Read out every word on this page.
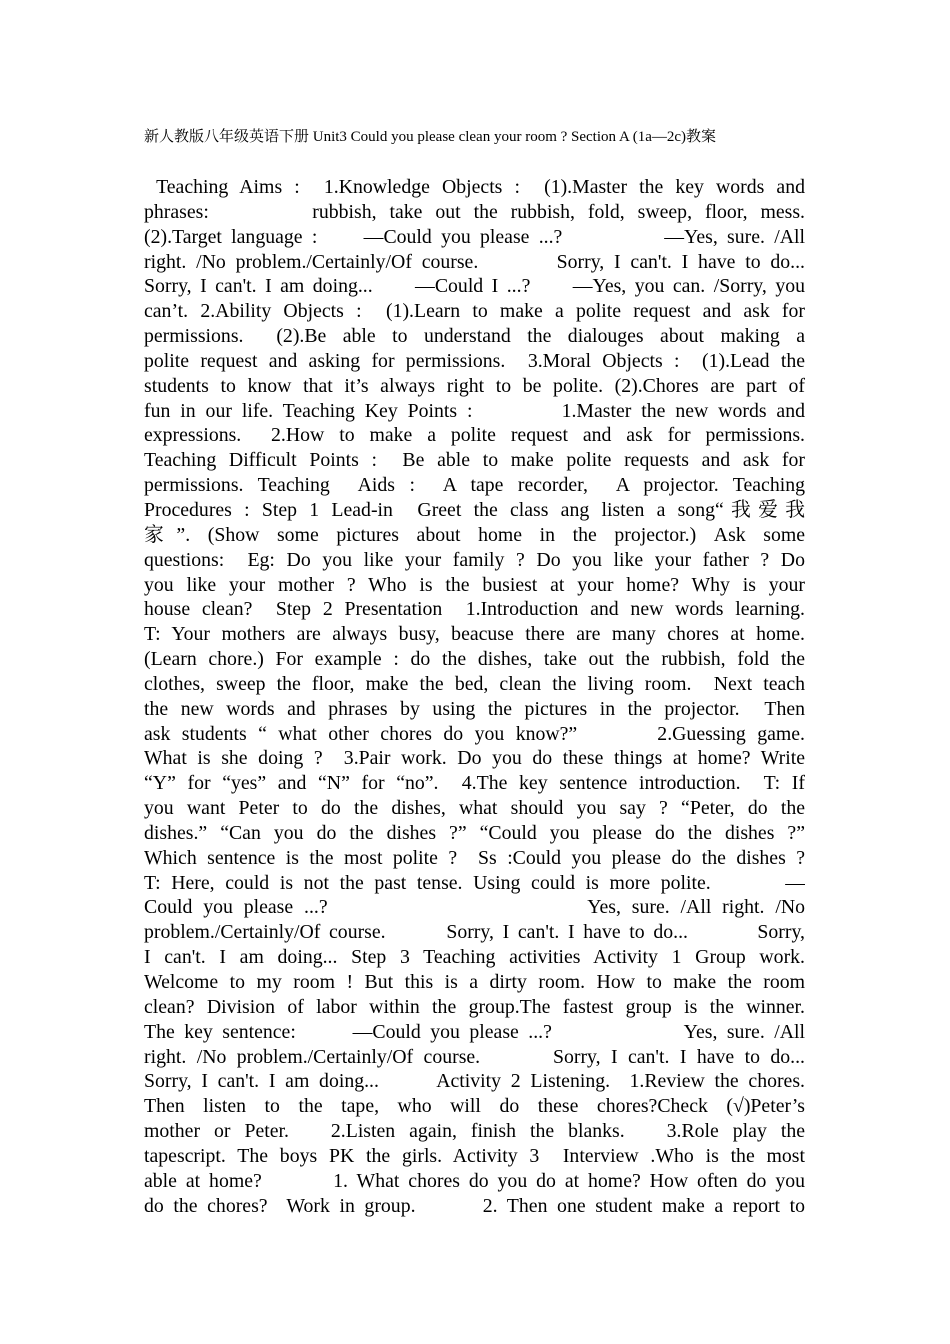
新人教版八年级英语下册 Unit3 Could you please clean your room ? Section A (1a—2c)教案
Teaching Aims :  1.Knowledge Objects :  (1).Master the key words and
phrases:        rubbish, take out the rubbish, fold, sweep, floor, mess.
(2).Target language :     —Could you please ...?           —Yes, sure. /All
right. /No problem./Certainly/Of course.        Sorry, I can't. I have to do...
Sorry, I can't. I am doing...     —Could I ...?     —Yes, you can. /Sorry, you
can’t. 2.Ability Objects :  (1).Learn to make a polite request and ask for
permissions.  (2).Be able to understand the dialouges about making a
polite request and asking for permissions.  3.Moral Objects :  (1).Lead the
students to know that it’s always right to be polite. (2).Chores are part of
fun in our life. Teaching Key Points :         1.Master the new words and
expressions.  2.How to make a polite request and ask for permissions.
Teaching Difficult Points :  Be able to make polite requests and ask for
permissions. Teaching  Aids :  A tape recorder,  A projector. Teaching
Procedures : Step 1 Lead-in  Greet the class ang listen a song“我爱我
家”. (Show some pictures about home in the projector.) Ask some
questions:  Eg: Do you like your family ? Do you like your father ? Do
you like your mother ? Who is the busiest at your home? Why is your
house clean?  Step 2 Presentation  1.Introduction and new words learning.
T: Your mothers are always busy, beacuse there are many chores at home.
(Learn chore.) For example : do the dishes, take out the rubbish, fold the
clothes, sweep the floor, make the bed, clean the living room.  Next teach
the new words and phrases by using the pictures in the projector.  Then
ask students “ what other chores do you know?”       2.Guessing game.
What is she doing ?  3.Pair work. Do you do these things at home? Write
“Y” for “yes” and “N” for “no”.  4.The key sentence introduction.  T: If
you want Peter to do the dishes, what should you say ? “Peter, do the
dishes.” “Can you do the dishes ?” “Could you please do the dishes ?”
Which sentence is the most polite ?  Ss :Could you please do the dishes ?
T: Here, could is not the past tense. Using could is more polite.       —
Could you please ...?                        Yes, sure. /All right. /No
problem./Certainly/Of course.       Sorry, I can't. I have to do...        Sorry,
I can't. I am doing... Step 3 Teaching activities Activity 1 Group work.
Welcome to my room ! But this is a dirty room. How to make the room
clean? Division of labor within the group.The fastest group is the winner.
The key sentence:      —Could you please ...?              Yes, sure. /All
right. /No problem./Certainly/Of course.       Sorry, I can't. I have to do...
Sorry, I can't. I am doing...      Activity 2 Listening.  1.Review the chores.
Then listen to the tape, who will do these chores?Check (√)Peter’s
mother or Peter.   2.Listen again, finish the blanks.   3.Role play the
tapescript. The boys PK the girls. Activity 3  Interview .Who is the most
able at home?        1. What chores do you do at home? How often do you
do the chores?  Work in group.       2. Then one student make a report to
